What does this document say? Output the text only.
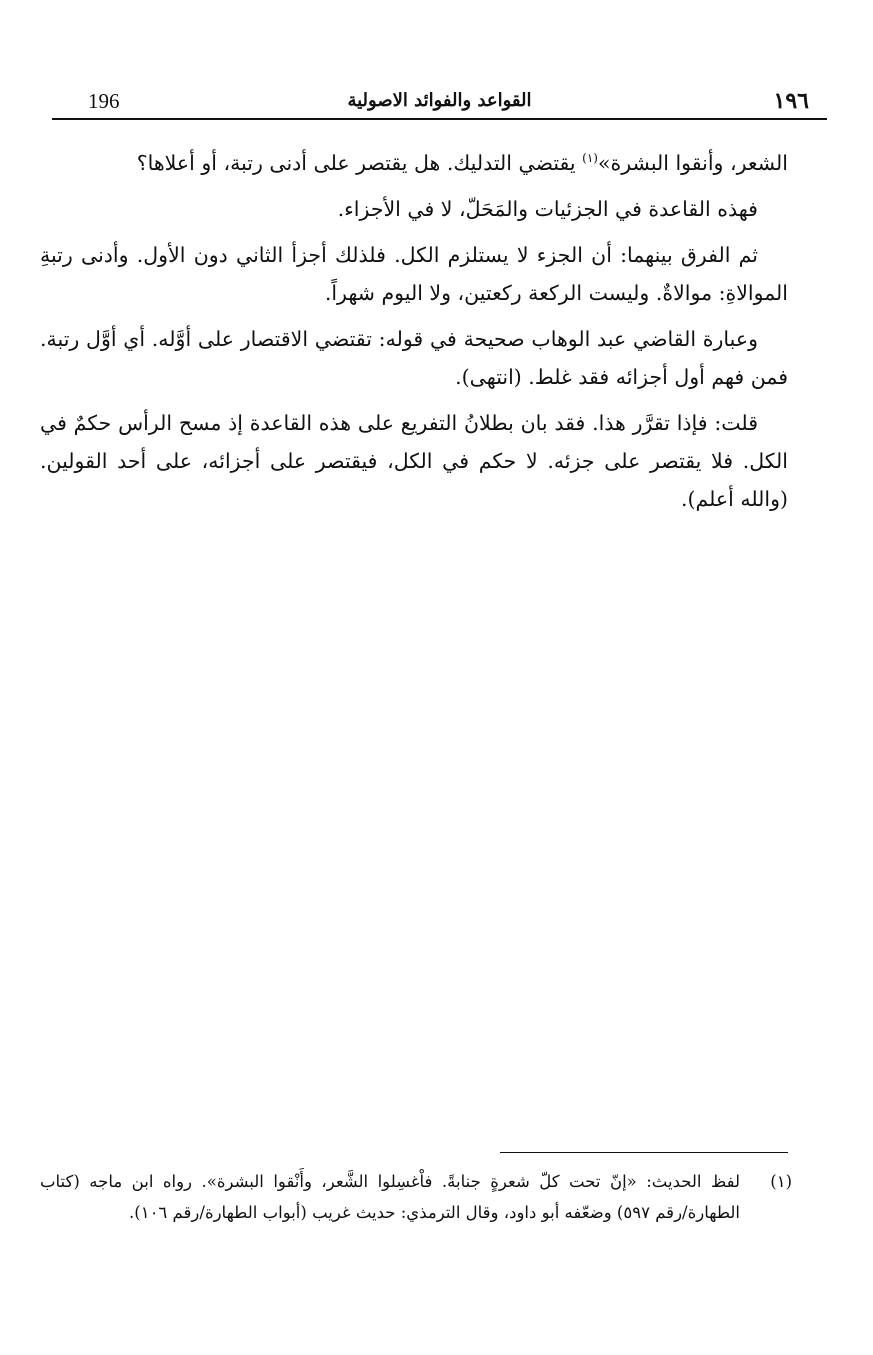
196	القواعد والفوائد الاصولية	١٩٦

الشعر، وأنقوا البشرة»$^{(١)}$ يقتضي التدليك. هل يقتصر على أدنى رتبة، أو أعلاها؟

فهذه القاعدة في الجزئيات والمَحَلّ، لا في الأجزاء.

ثم الفرق بينهما: أن الجزء لا يستلزم الكل. فلذلك أجزأ الثاني دون الأول. وأدنى رتبةِ الموالاةِ: موالاةٌ. وليست الركعة ركعتين، ولا اليوم شهراً.

وعبارة القاضي عبد الوهاب صحيحة في قوله: تقتضي الاقتصار على أوَّله. أي أوَّل رتبة. فمن فهم أول أجزائه فقد غلط. (انتهى).

قلت: فإذا تقرَّر هذا. فقد بان بطلانُ التفريع على هذه القاعدة إذ مسح الرأس حكمٌ في الكل. فلا يقتصر على جزئه. لا حكم في الكل، فيقتصر على أجزائه، على أحد القولين. (والله أعلم).

(١)
لفظ الحديث: «إنّ تحت كلّ شعرةٍ جنابةً. فاْغسِلوا الشَّعر، وأَنْقوا البشرة». رواه ابن ماجه (كتاب الطهارة/رقم ٥٩٧) وضعّفه أبو داود، وقال الترمذي: حديث غريب (أبواب الطهارة/رقم ١٠٦).
